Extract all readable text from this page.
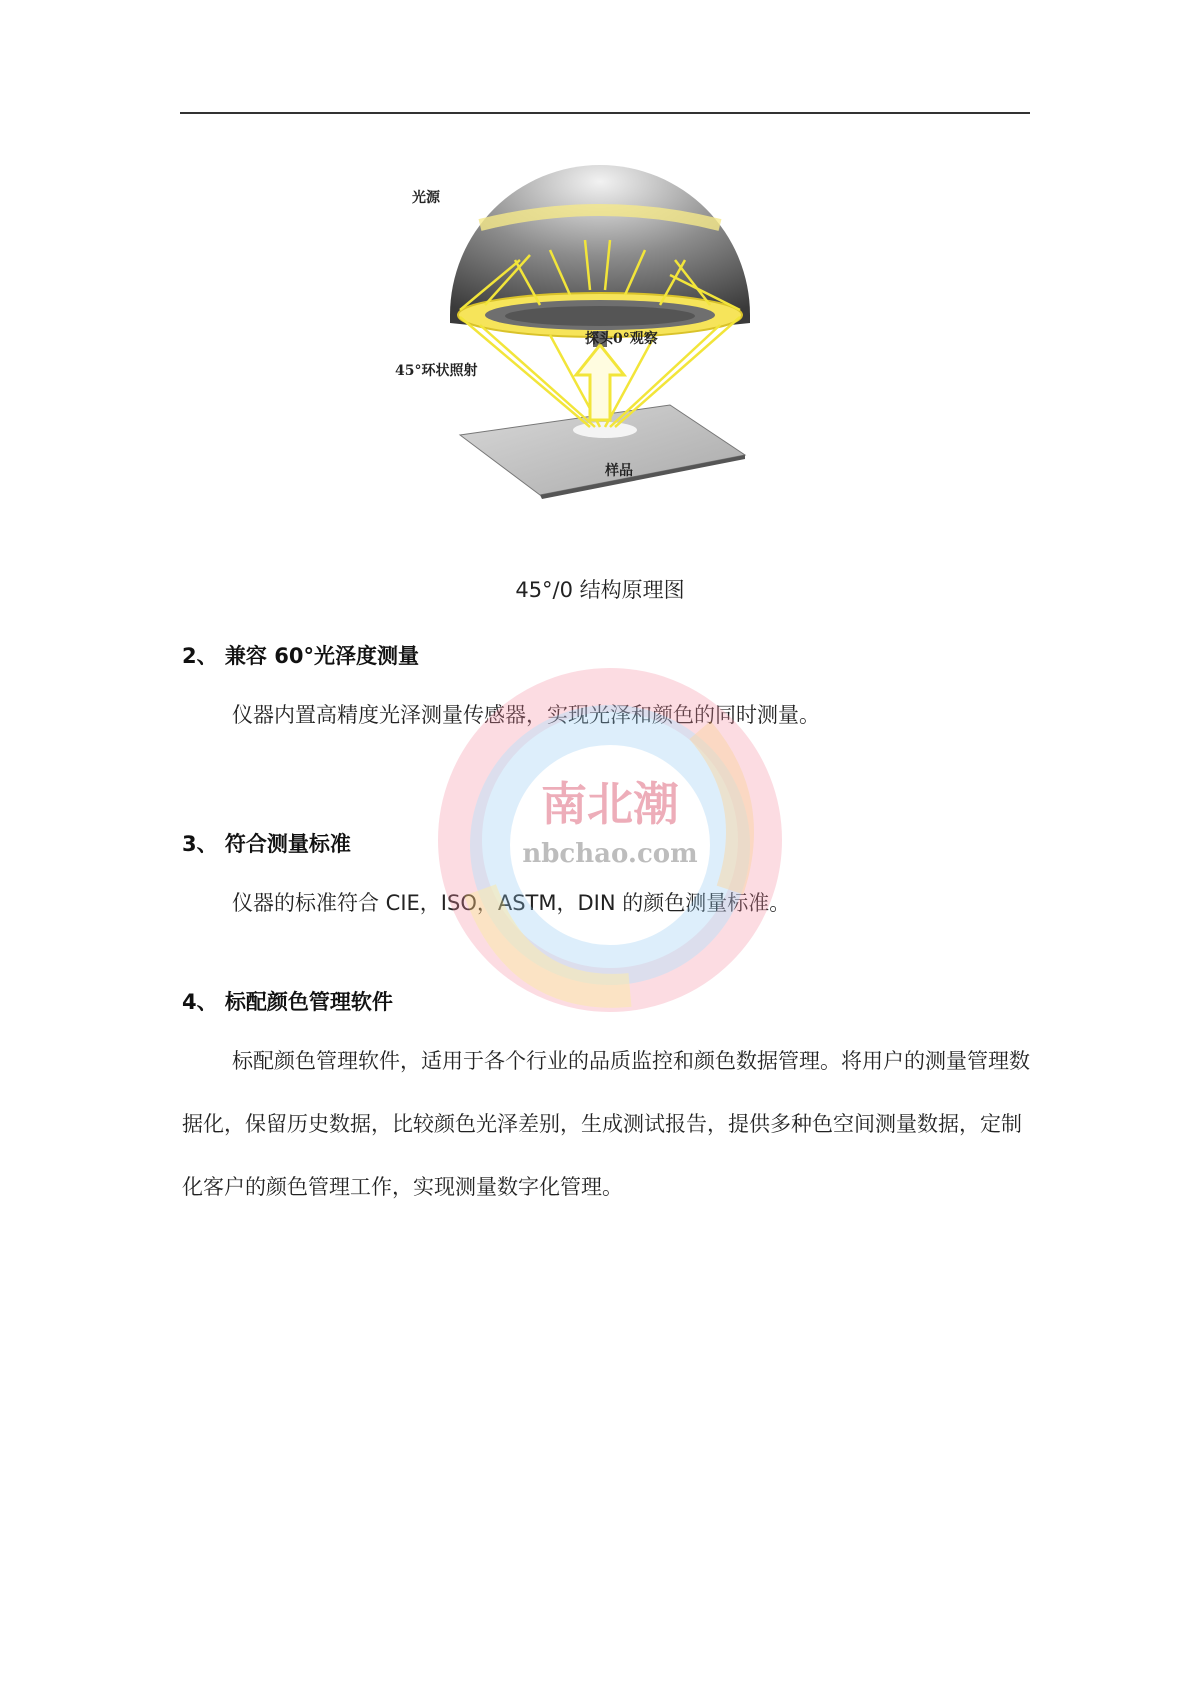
光源
探头0°观察
45°环状照射
样品
45°/0 结构原理图
2、 兼容 60°光泽度测量
仪器内置高精度光泽测量传感器，实现光泽和颜色的同时测量。
3、 符合测量标准
仪器的标准符合 CIE，ISO，ASTM，DIN 的颜色测量标准。
4、 标配颜色管理软件
标配颜色管理软件，适用于各个行业的品质监控和颜色数据管理。将用户的测量管理数据化，保留历史数据，比较颜色光泽差别，生成测试报告，提供多种色空间测量数据，定制化客户的颜色管理工作，实现测量数字化管理。
南北潮
nbchao.com
